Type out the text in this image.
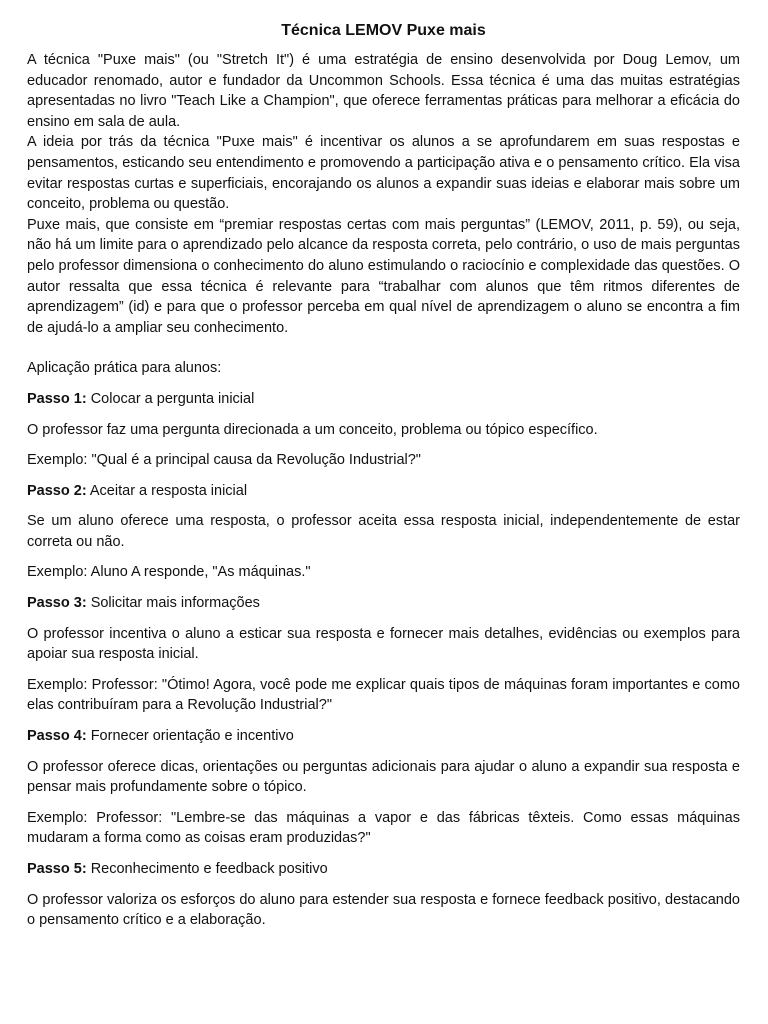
Técnica LEMOV Puxe mais

A técnica "Puxe mais" (ou "Stretch It") é uma estratégia de ensino desenvolvida por Doug Lemov, um educador renomado, autor e fundador da Uncommon Schools. Essa técnica é uma das muitas estratégias apresentadas no livro "Teach Like a Champion", que oferece ferramentas práticas para melhorar a eficácia do ensino em sala de aula.

A ideia por trás da técnica "Puxe mais" é incentivar os alunos a se aprofundarem em suas respostas e pensamentos, esticando seu entendimento e promovendo a participação ativa e o pensamento crítico. Ela visa evitar respostas curtas e superficiais, encorajando os alunos a expandir suas ideias e elaborar mais sobre um conceito, problema ou questão.

Puxe mais, que consiste em “premiar respostas certas com mais perguntas” (LEMOV, 2011, p. 59), ou seja, não há um limite para o aprendizado pelo alcance da resposta correta, pelo contrário, o uso de mais perguntas pelo professor dimensiona o conhecimento do aluno estimulando o raciocínio e complexidade das questões. O autor ressalta que essa técnica é relevante para “trabalhar com alunos que têm ritmos diferentes de aprendizagem” (id) e para que o professor perceba em qual nível de aprendizagem o aluno se encontra a fim de ajudá-lo a ampliar seu conhecimento.

Aplicação prática para alunos:

Passo 1: Colocar a pergunta inicial

O professor faz uma pergunta direcionada a um conceito, problema ou tópico específico.

Exemplo: "Qual é a principal causa da Revolução Industrial?"

Passo 2: Aceitar a resposta inicial

Se um aluno oferece uma resposta, o professor aceita essa resposta inicial, independentemente de estar correta ou não.

Exemplo: Aluno A responde, "As máquinas."

Passo 3: Solicitar mais informações

O professor incentiva o aluno a esticar sua resposta e fornecer mais detalhes, evidências ou exemplos para apoiar sua resposta inicial.

Exemplo: Professor: "Ótimo! Agora, você pode me explicar quais tipos de máquinas foram importantes e como elas contribuíram para a Revolução Industrial?"

Passo 4: Fornecer orientação e incentivo

O professor oferece dicas, orientações ou perguntas adicionais para ajudar o aluno a expandir sua resposta e pensar mais profundamente sobre o tópico.

Exemplo: Professor: "Lembre-se das máquinas a vapor e das fábricas têxteis. Como essas máquinas mudaram a forma como as coisas eram produzidas?"

Passo 5: Reconhecimento e feedback positivo

O professor valoriza os esforços do aluno para estender sua resposta e fornece feedback positivo, destacando o pensamento crítico e a elaboração.
